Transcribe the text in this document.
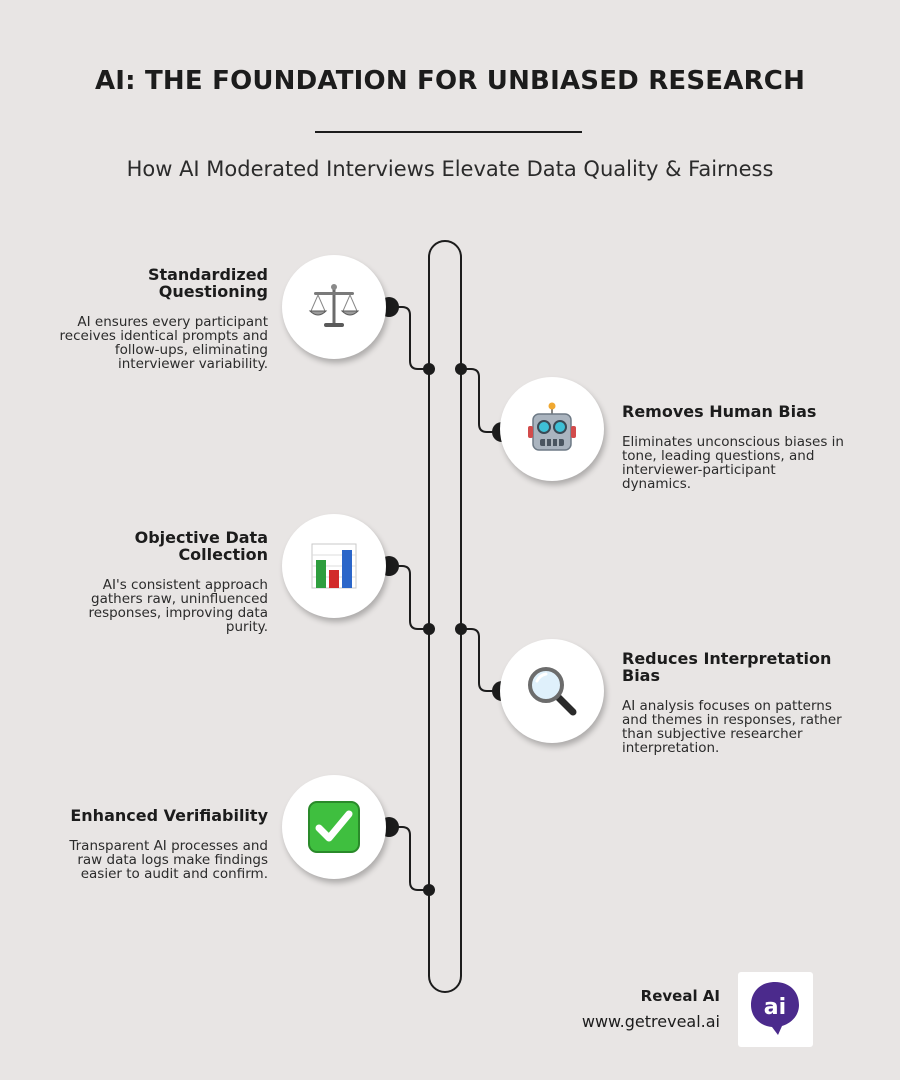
AI: THE FOUNDATION FOR UNBIASED RESEARCH
How AI Moderated Interviews Elevate Data Quality & Fairness
Standardized Questioning
AI ensures every participant receives identical prompts and follow-ups, eliminating interviewer variability.
Removes Human Bias
Eliminates unconscious biases in tone, leading questions, and interviewer-participant dynamics.
Objective Data Collection
AI's consistent approach gathers raw, uninfluenced responses, improving data purity.
Reduces Interpretation Bias
AI analysis focuses on patterns and themes in responses, rather than subjective researcher interpretation.
Enhanced Verifiability
Transparent AI processes and raw data logs make findings easier to audit and confirm.
Reveal AI
www.getreveal.ai
ai
